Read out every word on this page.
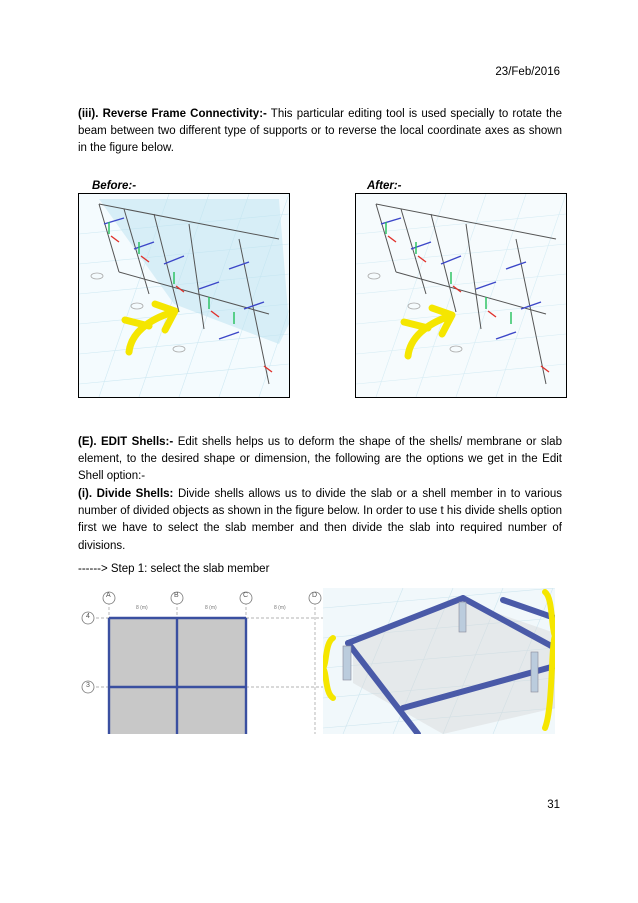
23/Feb/2016

(iii). Reverse Frame Connectivity:- This particular editing tool is used specially to rotate the beam between two different type of supports or to reverse the local coordinate axes as shown in the figure below.

Before:-	After:-

(E). EDIT Shells:- Edit shells helps us to deform the shape of the shells/ membrane or slab element, to the desired shape or dimension, the following are the options we get in the Edit Shell option:-

(i). Divide Shells: Divide shells allows us to divide the slab or a shell member in to various number of divided objects as shown in the figure below. In order to use t his divide shells option first we have to select the slab member and then divide the slab into required number of divisions.

------> Step 1: select the slab member

A	B	C	D
4
3
8 (m)	8 (m)	8 (m)
31
